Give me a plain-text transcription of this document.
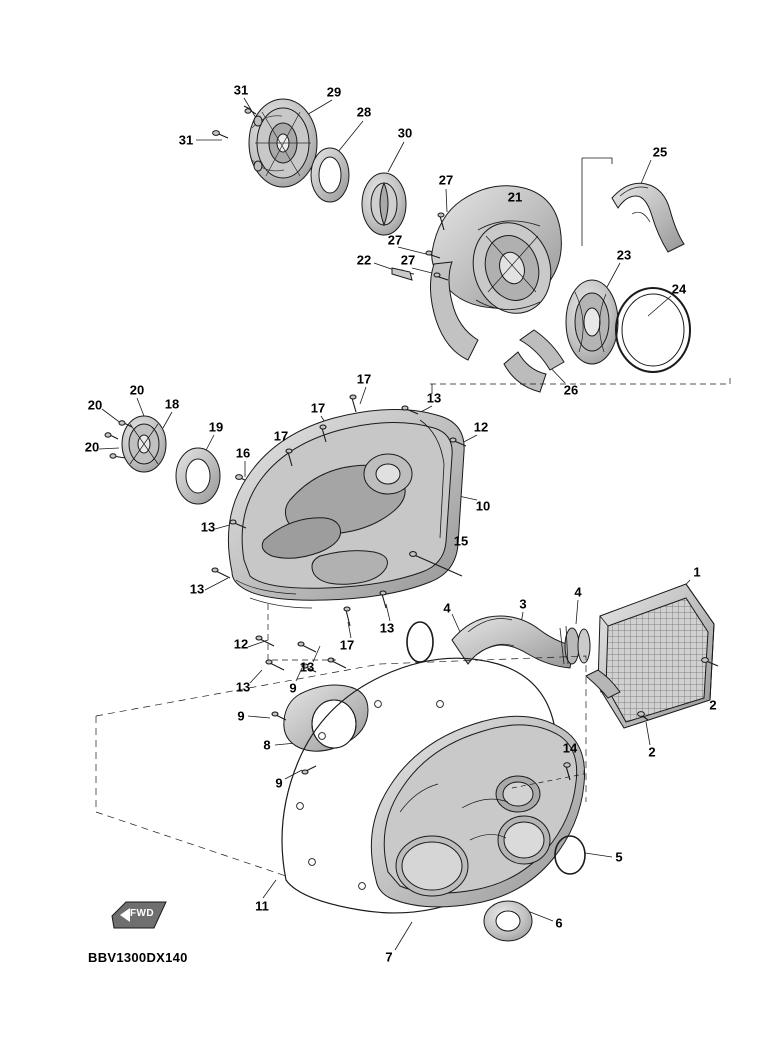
FWD
BBV1300DX140
31	29
28
31	30
25
27
21
27
23
22 27
24
26
20
17
13
20	18	17
19
17
12
20	16
10
13
15
13
1
4	3
4
13
12	17
13
2
13	9
2
9
14
8
9
5
11
6
7
